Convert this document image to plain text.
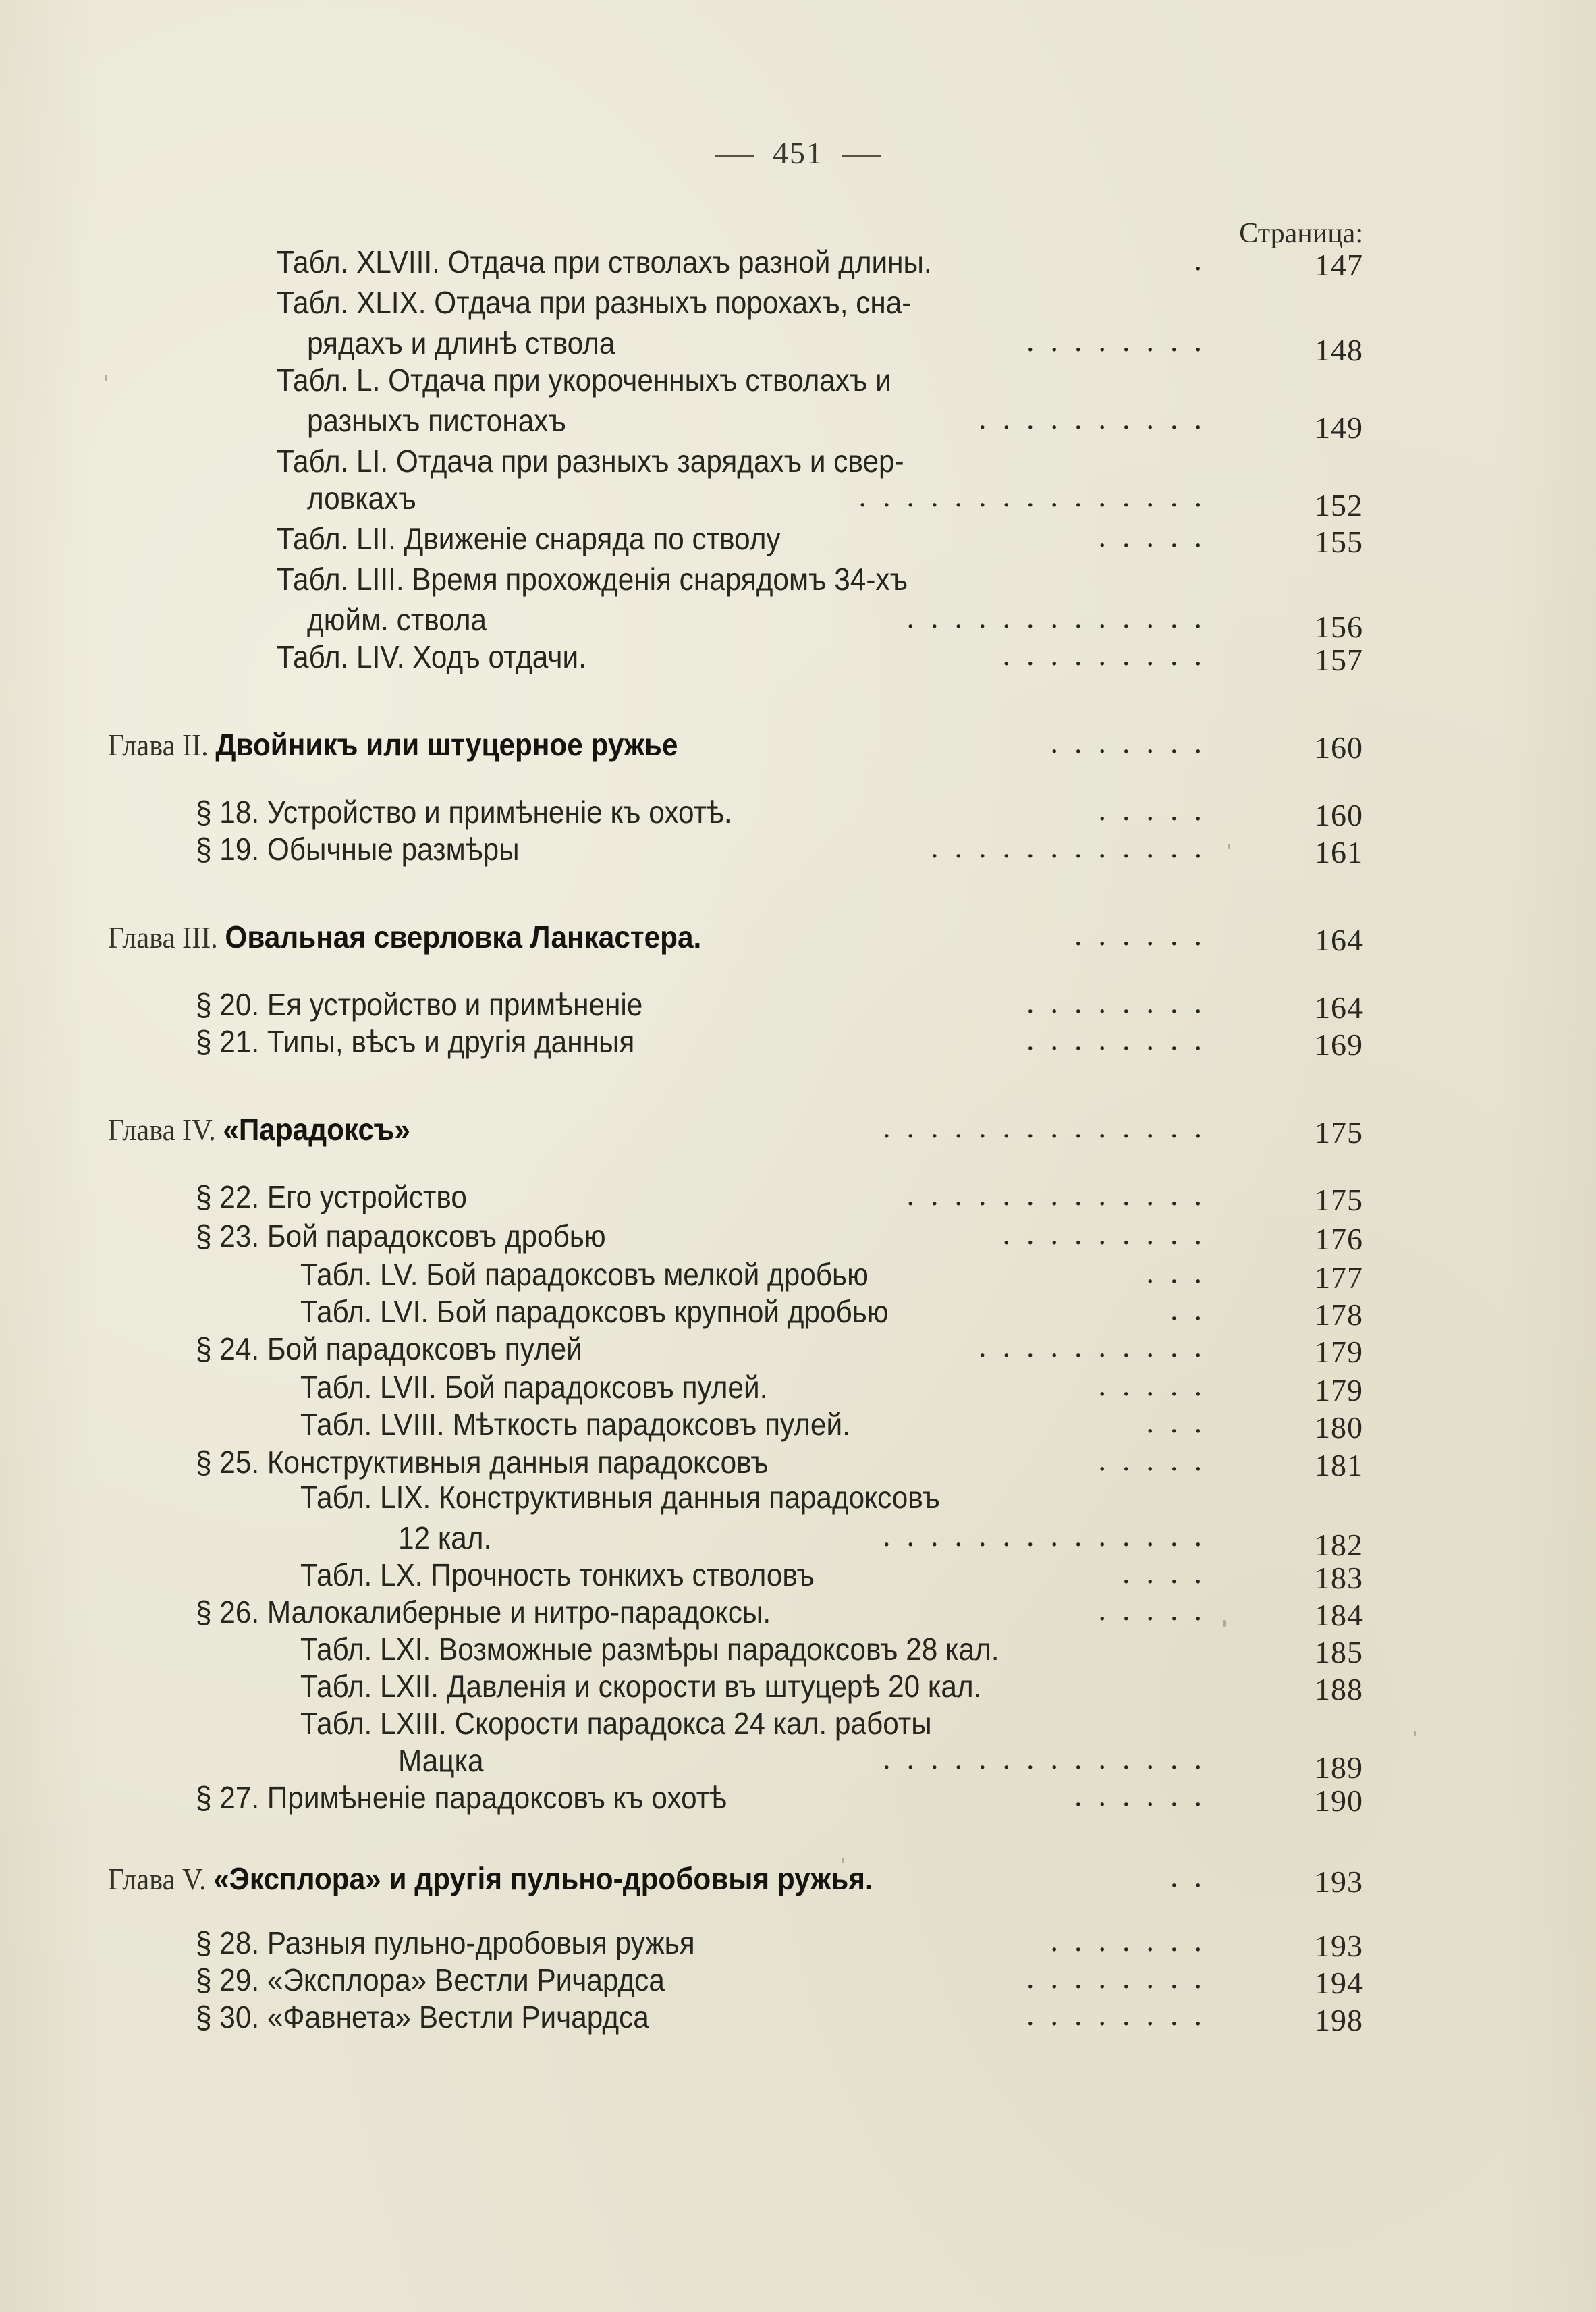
451
Страница:
Табл. XLVIII. Отдача при стволахъ разной длины.	.	147
Табл. XLIX. Отдача при разныхъ порохахъ, сна-
рядахъ и длинѣ ствола	........	148
Табл. L. Отдача при укороченныхъ стволахъ и
разныхъ пистонахъ	..........	149
Табл. LI. Отдача при разныхъ зарядахъ и свер-
ловкахъ	...............	152
Табл. LII. Движеніе снаряда по стволу	.....	155
Табл. LIII. Время прохожденія снарядомъ 34-хъ
дюйм. ствола	.............	156
Табл. LIV. Ходъ отдачи.	.........	157
Глава II. Двойникъ или штуцерное ружье	.......	160
§ 18. Устройство и примѣненіе къ охотѣ.	.....	160
§ 19. Обычные размѣры	............	161
Глава III. Овальная сверловка Ланкастера.	......	164
§ 20. Ея устройство и примѣненіе	........	164
§ 21. Типы, вѣсъ и другія данныя	........	169
Глава IV. «Парадоксъ»	..............	175
§ 22. Его устройство	.............	175
§ 23. Бой парадоксовъ дробью	.........	176
Табл. LV. Бой парадоксовъ мелкой дробью	...	177
Табл. LVI. Бой парадоксовъ крупной дробью	..	178
§ 24. Бой парадоксовъ пулей	..........	179
Табл. LVII. Бой парадоксовъ пулей.	.....	179
Табл. LVIII. Мѣткость парадоксовъ пулей.	...	180
§ 25. Конструктивныя данныя парадоксовъ	.....	181
Табл. LIX. Конструктивныя данныя парадоксовъ
12 кал.	..............	182
Табл. LX. Прочность тонкихъ стволовъ	....	183
§ 26. Малокалиберные и нитро-парадоксы.	.....	184
Табл. LXI. Возможные размѣры парадоксовъ 28 кал.	185
Табл. LXII. Давленія и скорости въ штуцерѣ 20 кал.	188
Табл. LXIII. Скорости парадокса 24 кал. работы
Мацка	..............	189
§ 27. Примѣненіе парадоксовъ къ охотѣ	......	190
Глава V. «Эксплора» и другія пульно-дробовыя ружья.	..	193
§ 28. Разныя пульно-дробовыя ружья	.......	193
§ 29. «Эксплора» Вестли Ричардса	........	194
§ 30. «Фавнета» Вестли Ричардса	........	198
